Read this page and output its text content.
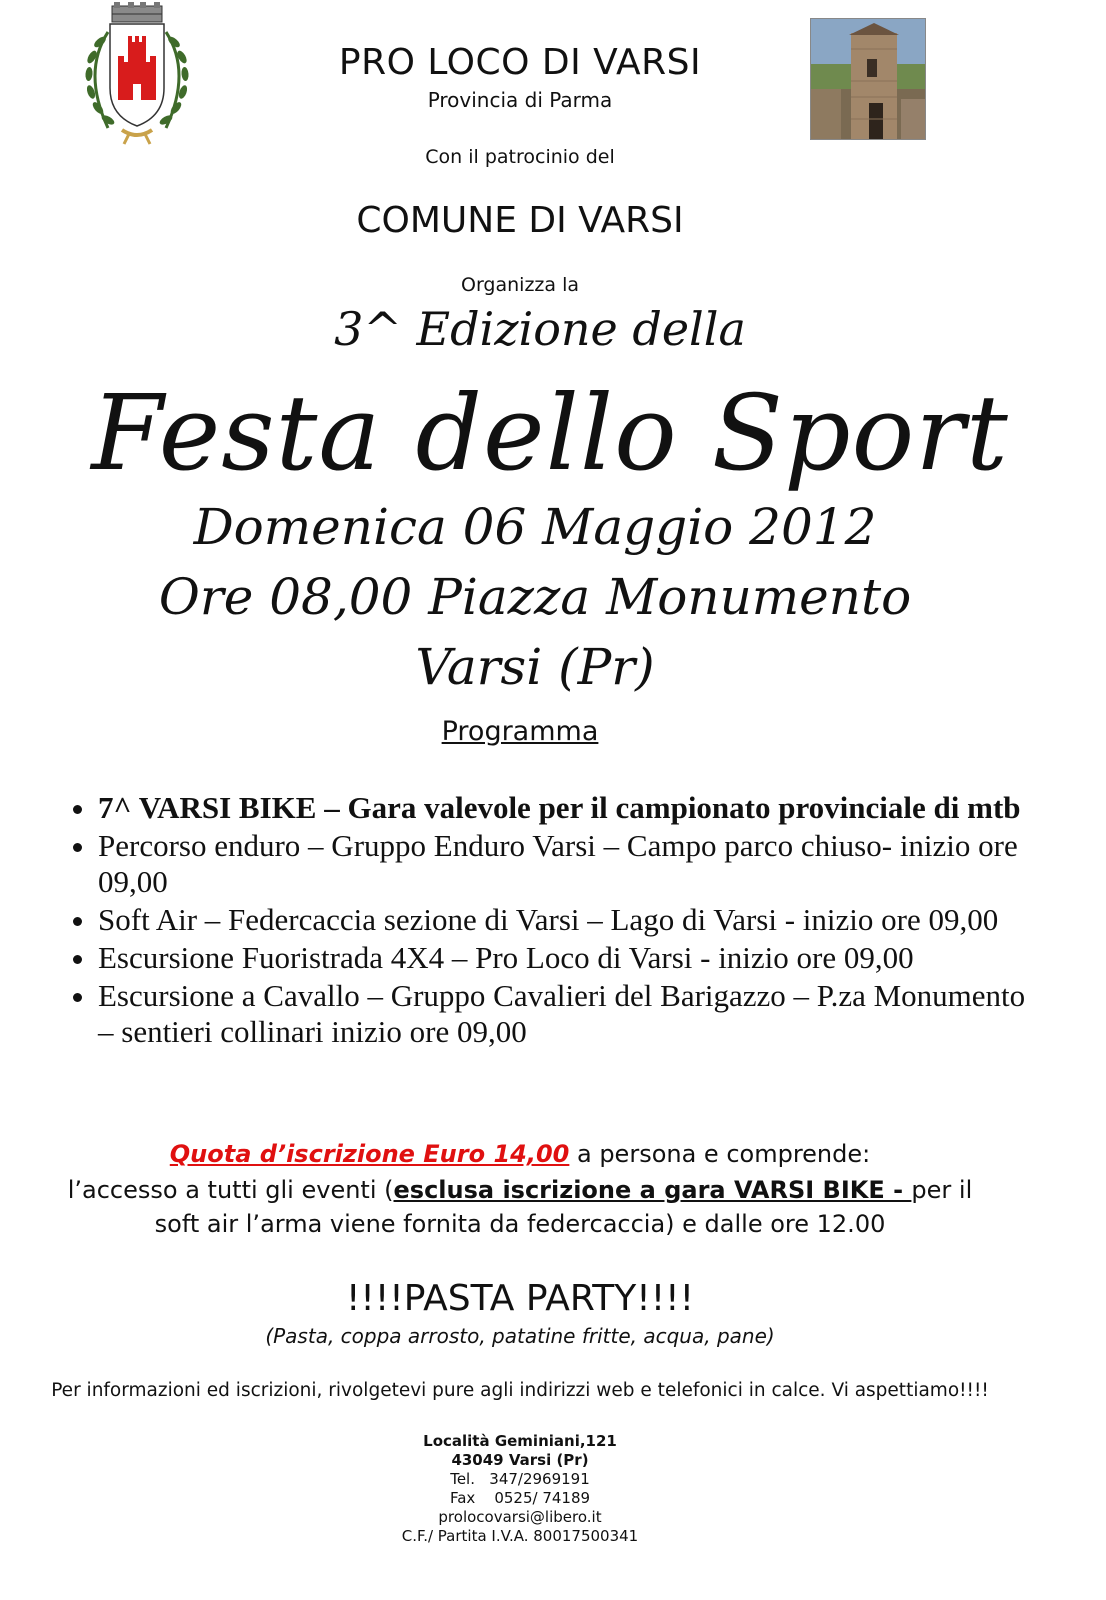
PRO LOCO DI VARSI
Provincia di Parma
Con il patrocinio del
COMUNE DI VARSI
Organizza la
3^ Edizione della
Festa dello Sport
Domenica 06 Maggio 2012
Ore 08,00 Piazza Monumento
Varsi (Pr)
Programma
• 7^ VARSI BIKE – Gara valevole per il campionato provinciale di mtb
• Percorso enduro – Gruppo Enduro Varsi – Campo parco chiuso- inizio ore 09,00
• Soft Air – Federcaccia sezione di Varsi – Lago di Varsi - inizio ore 09,00
• Escursione Fuoristrada 4X4 – Pro Loco di Varsi - inizio ore 09,00
• Escursione a Cavallo – Gruppo Cavalieri del Barigazzo – P.za Monumento – sentieri collinari inizio ore 09,00
Quota d’iscrizione Euro 14,00 a persona e comprende:
l’accesso a tutti gli eventi (esclusa iscrizione a gara VARSI BIKE - per il
soft air l’arma viene fornita da federcaccia) e dalle ore 12.00
!!!!PASTA PARTY!!!!
(Pasta, coppa arrosto, patatine fritte, acqua, pane)
Per informazioni ed iscrizioni, rivolgetevi pure agli indirizzi web e telefonici in calce. Vi aspettiamo!!!!
Località Geminiani,121
43049 Varsi (Pr)
Tel.   347/2969191
Fax    0525/ 74189
prolocovarsi@libero.it
C.F./ Partita I.V.A. 80017500341
